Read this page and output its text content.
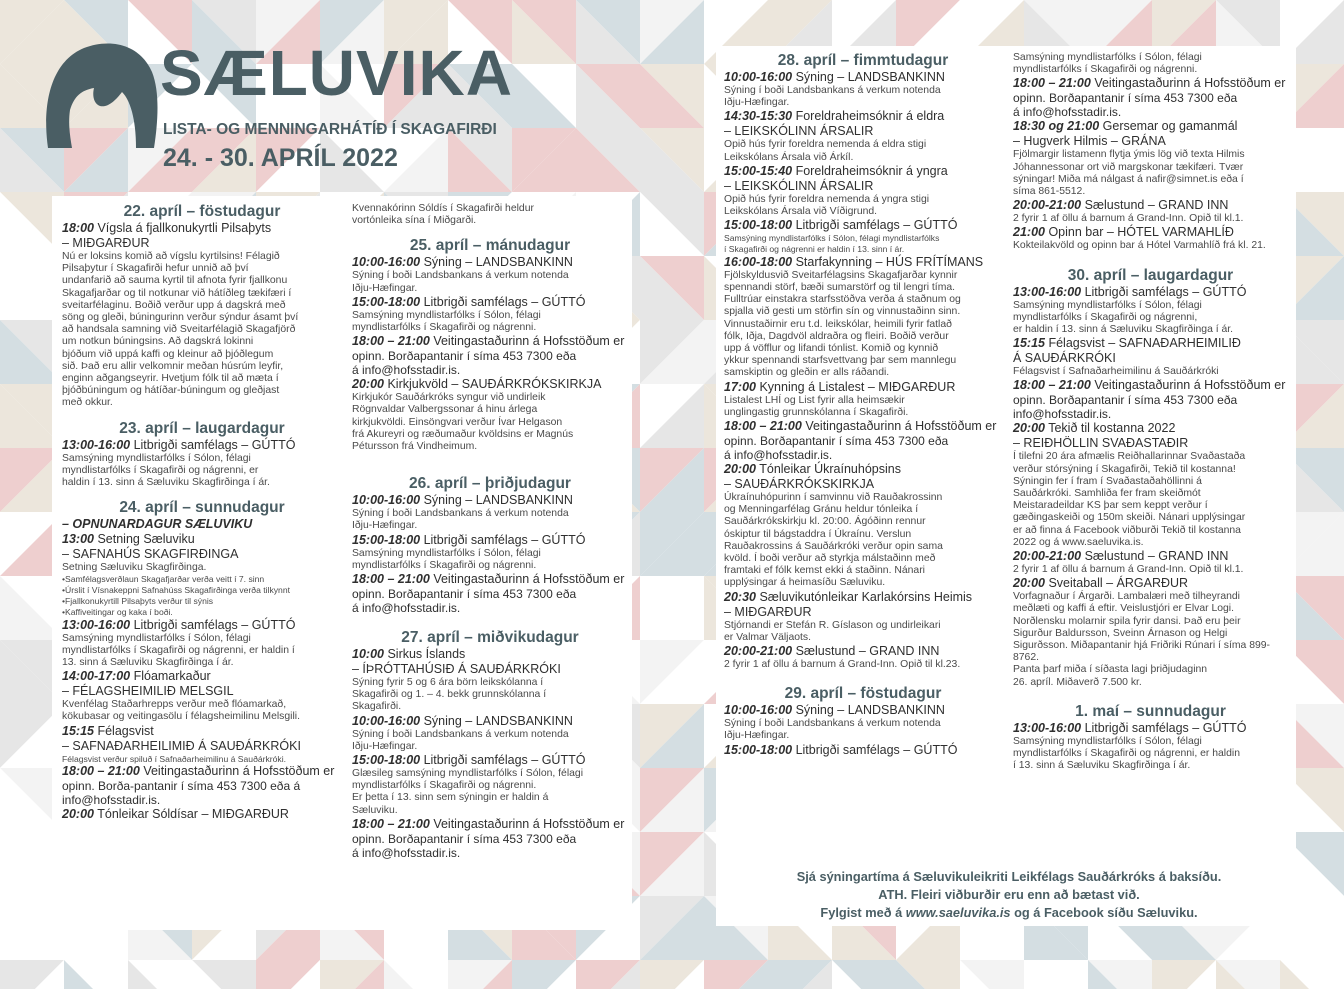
SÆLUVIKA
LISTA- OG MENNINGARHÁTÍÐ Í SKAGAFIRÐI
24. - 30. APRÍL 2022
22. apríl – föstudagur
18:00 Vígsla á fjallkonukyrtli Pilsaþyts
– MIÐGARÐUR
Nú er loksins komið að vígslu kyrtilsins! Félagið
Pilsaþytur í Skagafirði hefur unnið að því
undanfarið að sauma kyrtil til afnota fyrir fjallkonu
Skagafjarðar og til notkunar við hátíðleg tækifæri í
sveitarfélaginu. Boðið verður upp á dagskrá með
söng og gleði, búningurinn verður sýndur ásamt því
að handsala samning við Sveitarfélagið Skagafjörð
um notkun búningsins. Að dagskrá lokinni
bjóðum við uppá kaffi og kleinur að þjóðlegum
sið. Það eru allir velkomnir meðan húsrúm leyfir,
enginn aðgangseyrir. Hvetjum fólk til að mæta í
þjóðbúningum og hátíðar-búningum og gleðjast
með okkur.
23. apríl – laugardagur
13:00-16:00 Litbrigði samfélags – GÚTTÓ
Samsýning myndlistarfólks í Sólon, félagi
myndlistarfólks í Skagafirði og nágrenni, er
haldin í 13. sinn á Sæluviku Skagfirðinga í ár.
24. apríl – sunnudagur
– OPNUNARDAGUR SÆLUVIKU
13:00 Setning Sæluviku
– SAFNAHÚS SKAGFIRÐINGA
Setning Sæluviku Skagfirðinga.
•Samfélagsverðlaun Skagafjarðar verða veitt í 7. sinn
•Úrslit í Vísnakeppni Safnahúss Skagafirðinga verða tilkynnt
•Fjallkonukyrtill Pilsaþyts verður til sýnis
•Kaffiveitingar og kaka í boði.
13:00-16:00 Litbrigði samfélags – GÚTTÓ
Samsýning myndlistarfólks í Sólon, félagi
myndlistarfólks í Skagafirði og nágrenni, er haldin í
13. sinn á Sæluviku Skagfirðinga í ár.
14:00-17:00 Flóamarkaður
– FÉLAGSHEIMILIÐ MELSGIL
Kvenfélag Staðarhrepps verður með flóamarkað,
kökubasar og veitingasölu í félagsheimilinu Melsgili.
15:15 Félagsvist
– SAFNAÐARHEILIMIÐ Á SAUÐÁRKRÓKI
Félagsvist verður spiluð í Safnaðarheimilinu á Sauðárkróki.
18:00 – 21:00 Veitingastaðurinn á Hofsstöðum er
opinn. Borða-pantanir í síma 453 7300 eða á
info@hofsstadir.is.
20:00 Tónleikar Sóldísar – MIÐGARÐUR
Kvennakórinn Sóldís í Skagafirði heldur
vortónleika sína í Miðgarði.
25. apríl – mánudagur
10:00-16:00 Sýning – LANDSBANKINN
Sýning í boði Landsbankans á verkum notenda
Iðju-Hæfingar.
15:00-18:00 Litbrigði samfélags – GÚTTÓ
Samsýning myndlistarfólks í Sólon, félagi
myndlistarfólks í Skagafirði og nágrenni.
18:00 – 21:00 Veitingastaðurinn á Hofsstöðum er
opinn. Borðapantanir í síma 453 7300 eða
á info@hofsstadir.is.
20:00 Kirkjukvöld – SAUÐÁRKRÓKSKIRKJA
Kirkjukór Sauðárkróks syngur við undirleik
Rögnvaldar Valbergssonar á hinu árlega
kirkjukvöldi. Einsöngvari verður Ívar Helgason
frá Akureyri og ræðumaður kvöldsins er Magnús
Pétursson frá Vindheimum.
26. apríl – þriðjudagur
10:00-16:00 Sýning – LANDSBANKINN
Sýning í boði Landsbankans á verkum notenda
Iðju-Hæfingar.
15:00-18:00 Litbrigði samfélags – GÚTTÓ
Samsýning myndlistarfólks í Sólon, félagi
myndlistarfólks í Skagafirði og nágrenni.
18:00 – 21:00 Veitingastaðurinn á Hofsstöðum er
opinn. Borðapantanir í síma 453 7300 eða
á info@hofsstadir.is.
27. apríl – miðvikudagur
10:00 Sirkus Íslands
– ÍÞRÓTTAHÚSIÐ Á SAUÐÁRKRÓKI
Sýning fyrir 5 og 6 ára börn leikskólanna í
Skagafirði og 1. – 4. bekk grunnskólanna í
Skagafirði.
10:00-16:00 Sýning – LANDSBANKINN
Sýning í boði Landsbankans á verkum notenda
Iðju-Hæfingar.
15:00-18:00 Litbrigði samfélags – GÚTTÓ
Glæsileg samsýning myndlistarfólks í Sólon, félagi
myndlistarfólks í Skagafirði og nágrenni.
Er þetta í 13. sinn sem sýningin er haldin á
Sæluviku.
18:00 – 21:00 Veitingastaðurinn á Hofsstöðum er
opinn. Borðapantanir í síma 453 7300 eða
á info@hofsstadir.is.
28. apríl – fimmtudagur
10:00-16:00 Sýning – LANDSBANKINN
Sýning í boði Landsbankans á verkum notenda
Iðju-Hæfingar.
14:30-15:30 Foreldraheimsóknir á eldra
– LEIKSKÓLINN ÁRSALIR
Opið hús fyrir foreldra nemenda á eldra stigi
Leikskólans Ársala við Árkíl.
15:00-15:40 Foreldraheimsóknir á yngra
– LEIKSKÓLINN ÁRSALIR
Opið hús fyrir foreldra nemenda á yngra stigi
Leikskólans Ársala við Víðigrund.
15:00-18:00 Litbrigði samfélags – GÚTTÓ
Samsýning myndlistarfólks í Sólon, félagi myndlistarfólks
í Skagafirði og nágrenni er haldin í 13. sinn í ár.
16:00-18:00 Starfakynning – HÚS FRÍTÍMANS
Fjölskyldusvið Sveitarfélagsins Skagafjarðar kynnir
spennandi störf, bæði sumarstörf og til lengri tíma.
Fulltrúar einstakra starfsstöðva verða á staðnum og
spjalla við gesti um störfin sín og vinnustaðinn sinn.
Vinnustaðirnir eru t.d. leikskólar, heimili fyrir fatlað
fólk, Iðja, Dagdvöl aldraðra og fleiri. Boðið verður
upp á vöfflur og lifandi tónlist. Komið og kynnið
ykkur spennandi starfsvettvang þar sem mannlegu
samskiptin og gleðin er alls ráðandi.
17:00 Kynning á Listalest – MIÐGARÐUR
Listalest LHÍ og List fyrir alla heimsækir
unglingastig grunnskólanna í Skagafirði.
18:00 – 21:00 Veitingastaðurinn á Hofsstöðum er
opinn. Borðapantanir í síma 453 7300 eða
á info@hofsstadir.is.
20:00 Tónleikar Úkraínuhópsins
– SAUÐÁRKRÓKSKIRKJA
Úkraínuhópurinn í samvinnu við Rauðakrossinn
og Menningarfélag Gránu heldur tónleika í
Sauðárkrókskirkju kl. 20:00. Ágóðinn rennur
óskiptur til bágstaddra í Úkraínu. Verslun
Rauðakrossins á Sauðárkróki verður opin sama
kvöld. Í boði verður að styrkja málstaðinn með
framtaki ef fólk kemst ekki á staðinn. Nánari
upplýsingar á heimasíðu Sæluviku.
20:30 Sæluvikutónleikar Karlakórsins Heimis
– MIÐGARÐUR
Stjórnandi er Stefán R. Gíslason og undirleikari
er Valmar Väljaots.
20:00-21:00 Sælustund – GRAND INN
2 fyrir 1 af öllu á barnum á Grand-Inn. Opið til kl.23.
29. apríl – föstudagur
10:00-16:00 Sýning – LANDSBANKINN
Sýning í boði Landsbankans á verkum notenda
Iðju-Hæfingar.
15:00-18:00 Litbrigði samfélags – GÚTTÓ
Samsýning myndlistarfólks í Sólon, félagi
myndlistarfólks í Skagafirði og nágrenni.
18:00 – 21:00 Veitingastaðurinn á Hofsstöðum er
opinn. Borðapantanir í síma 453 7300 eða
á info@hofsstadir.is.
18:30 og 21:00 Gersemar og gamanmál
– Hugverk Hilmis – GRÁNA
Fjölmargir listamenn flytja ýmis lög við texta Hilmis
Jóhannessonar ort við margskonar tækifæri. Tvær
sýningar! Miða má nálgast á nafir@simnet.is eða í
síma 861-5512.
20:00-21:00 Sælustund – GRAND INN
2 fyrir 1 af öllu á barnum á Grand-Inn. Opið til kl.1.
21:00 Opinn bar – HÓTEL VARMAHLÍÐ
Kokteilakvöld og opinn bar á Hótel Varmahlíð frá kl. 21.
30. apríl – laugardagur
13:00-16:00 Litbrigði samfélags – GÚTTÓ
Samsýning myndlistarfólks í Sólon, félagi
myndlistarfólks í Skagafirði og nágrenni,
er haldin í 13. sinn á Sæluviku Skagfirðinga í ár.
15:15 Félagsvist – SAFNAÐARHEIMILIÐ
Á SAUÐÁRKRÓKI
Félagsvist í Safnaðarheimilinu á Sauðárkróki
18:00 – 21:00 Veitingastaðurinn á Hofsstöðum er
opinn. Borðapantanir í síma 453 7300 eða
info@hofsstadir.is.
20:00 Tekið til kostanna 2022
– REIÐHÖLLIN SVAÐASTAÐIR
Í tilefni 20 ára afmælis Reiðhallarinnar Svaðastaða
verður stórsýning í Skagafirði, Tekið til kostanna!
Sýningin fer í fram í Svaðastaðahöllinni á
Sauðárkróki. Samhliða fer fram skeiðmót
Meistaradeildar KS þar sem keppt verður í
gæðingaskeiði og 150m skeiði. Nánari upplýsingar
er að finna á Facebook viðburði Tekið til kostanna
2022 og á www.saeluvika.is.
20:00-21:00 Sælustund – GRAND INN
2 fyrir 1 af öllu á barnum á Grand-Inn. Opið til kl.1.
20:00 Sveitaball – ÁRGARÐUR
Vorfagnaður í Árgarði. Lambalæri með tilheyrandi
meðlæti og kaffi á eftir. Veislustjóri er Elvar Logi.
Norðlensku molarnir spila fyrir dansi. Það eru þeir
Sigurður Baldursson, Sveinn Árnason og Helgi
Sigurðsson. Miðapantanir hjá Friðriki Rúnari í síma 899-8762.
Panta þarf miða í síðasta lagi þriðjudaginn
26. apríl. Miðaverð 7.500 kr.
1. maí – sunnudagur
13:00-16:00 Litbrigði samfélags – GÚTTÓ
Samsýning myndlistarfólks í Sólon, félagi
myndlistarfólks í Skagafirði og nágrenni, er haldin
í 13. sinn á Sæluviku Skagfirðinga í ár.
Sjá sýningartíma á Sæluvikuleikriti Leikfélags Sauðárkróks á baksíðu.
ATH. Fleiri viðburðir eru enn að bætast við.
Fylgist með á www.saeluvika.is og á Facebook síðu Sæluviku.
